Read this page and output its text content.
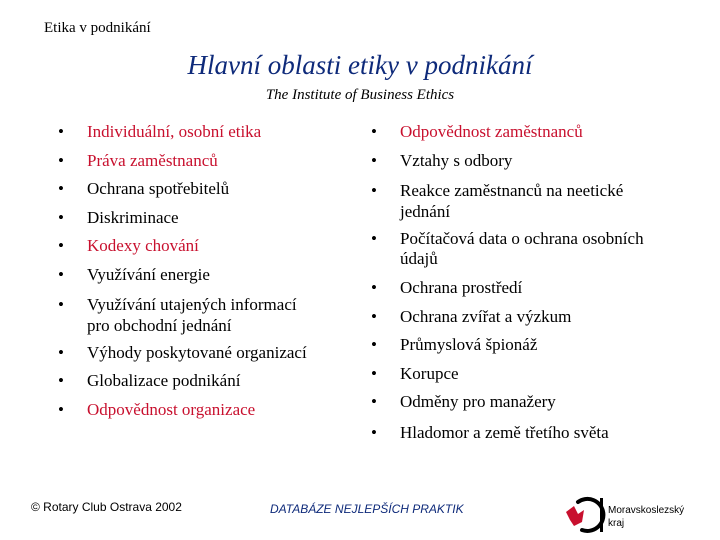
Etika v podnikání
Hlavní oblasti etiky v podnikání
The Institute of Business Ethics
• Individuální, osobní etika
• Práva zaměstnanců
• Ochrana spotřebitelů
• Diskriminace
• Kodexy chování
• Využívání energie
• Využívání utajených informací pro obchodní jednání
• Výhody poskytované organizací
• Globalizace podnikání
• Odpovědnost organizace
• Odpovědnost zaměstnanců
• Vztahy s odbory
• Reakce zaměstnanců na neetické jednání
• Počítačová data o ochrana osobních údajů
• Ochrana prostředí
• Ochrana zvířat a výzkum
• Průmyslová špionáž
• Korupce
• Odměny pro manažery
• Hladomor a země třetího světa
© Rotary Club Ostrava 2002	DATABÁZE NEJLEPŠÍCH PRAKTIK	Moravskoslezský
kraj
